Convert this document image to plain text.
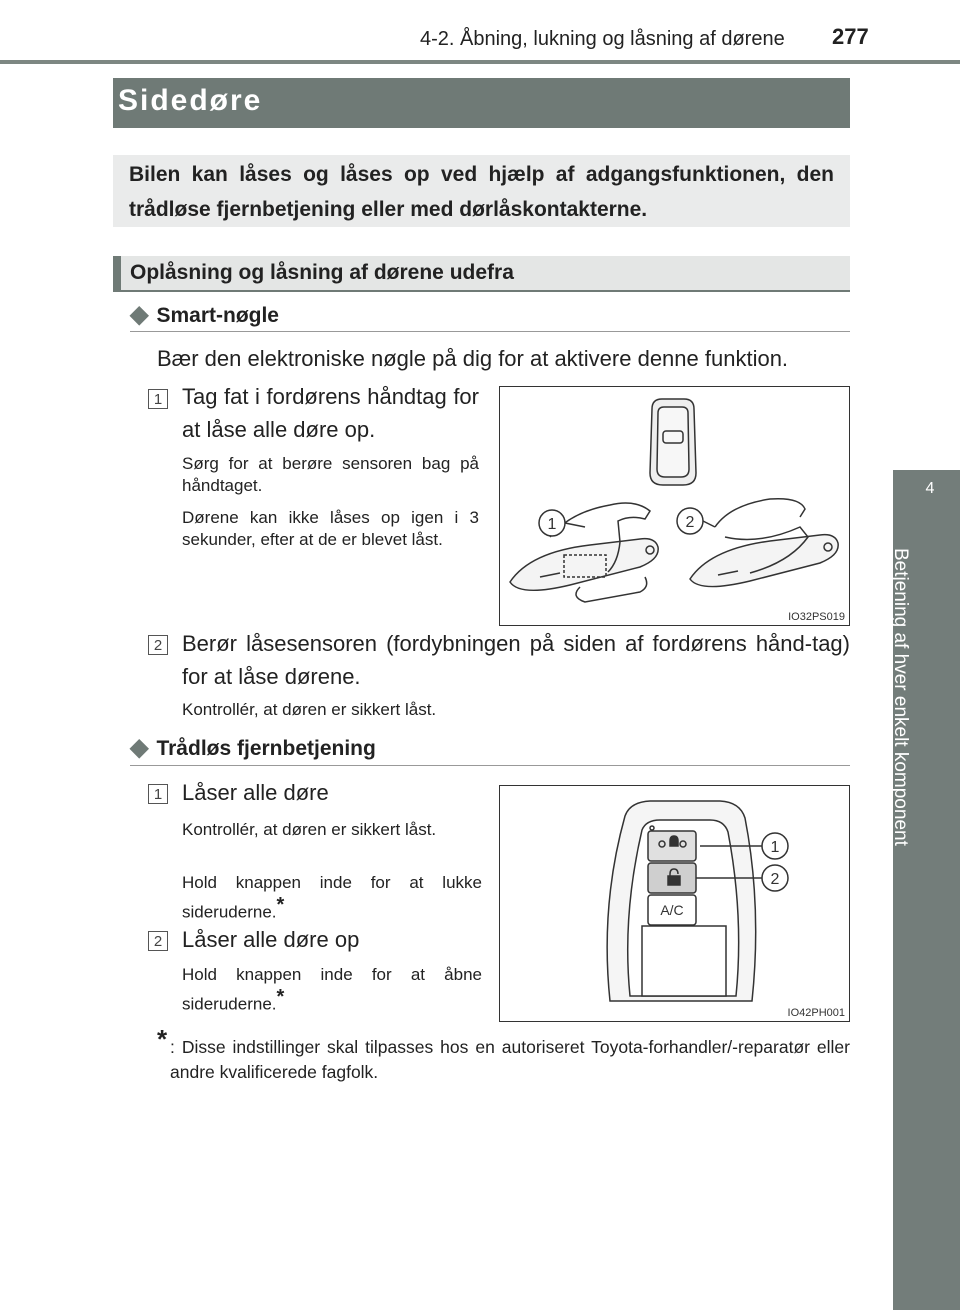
4-2. Åbning, lukning og låsning af dørene 277
4
Betjening af hver enkelt komponent
Sidedøre
Bilen kan låses og låses op ved hjælp af adgangsfunktionen, den trådløse fjernbetjening eller med dørlåskontakterne.
Oplåsning og låsning af dørene udefra
◆ Smart-nøgle
Bær den elektroniske nøgle på dig for at aktivere denne funktion.
1 Tag fat i fordørens håndtag for at låse alle døre op.
Sørg for at berøre sensoren bag på håndtaget.
Dørene kan ikke låses op igen i 3 sekunder, efter at de er blevet låst.
1	2
IO32PS019
2 Berør låsesensoren (fordybningen på siden af fordørens hånd-tag) for at låse dørene.
Kontrollér, at døren er sikkert låst.
◆ Trådløs fjernbetjening
1 Låser alle døre
Kontrollér, at døren er sikkert låst.
Hold knappen inde for at lukke sideruderne.*
2 Låser alle døre op
Hold knappen inde for at åbne sideruderne.*
A/C
1
2
IO42PH001
* : Disse indstillinger skal tilpasses hos en autoriseret Toyota-forhandler/-reparatør eller andre kvalificerede fagfolk.
